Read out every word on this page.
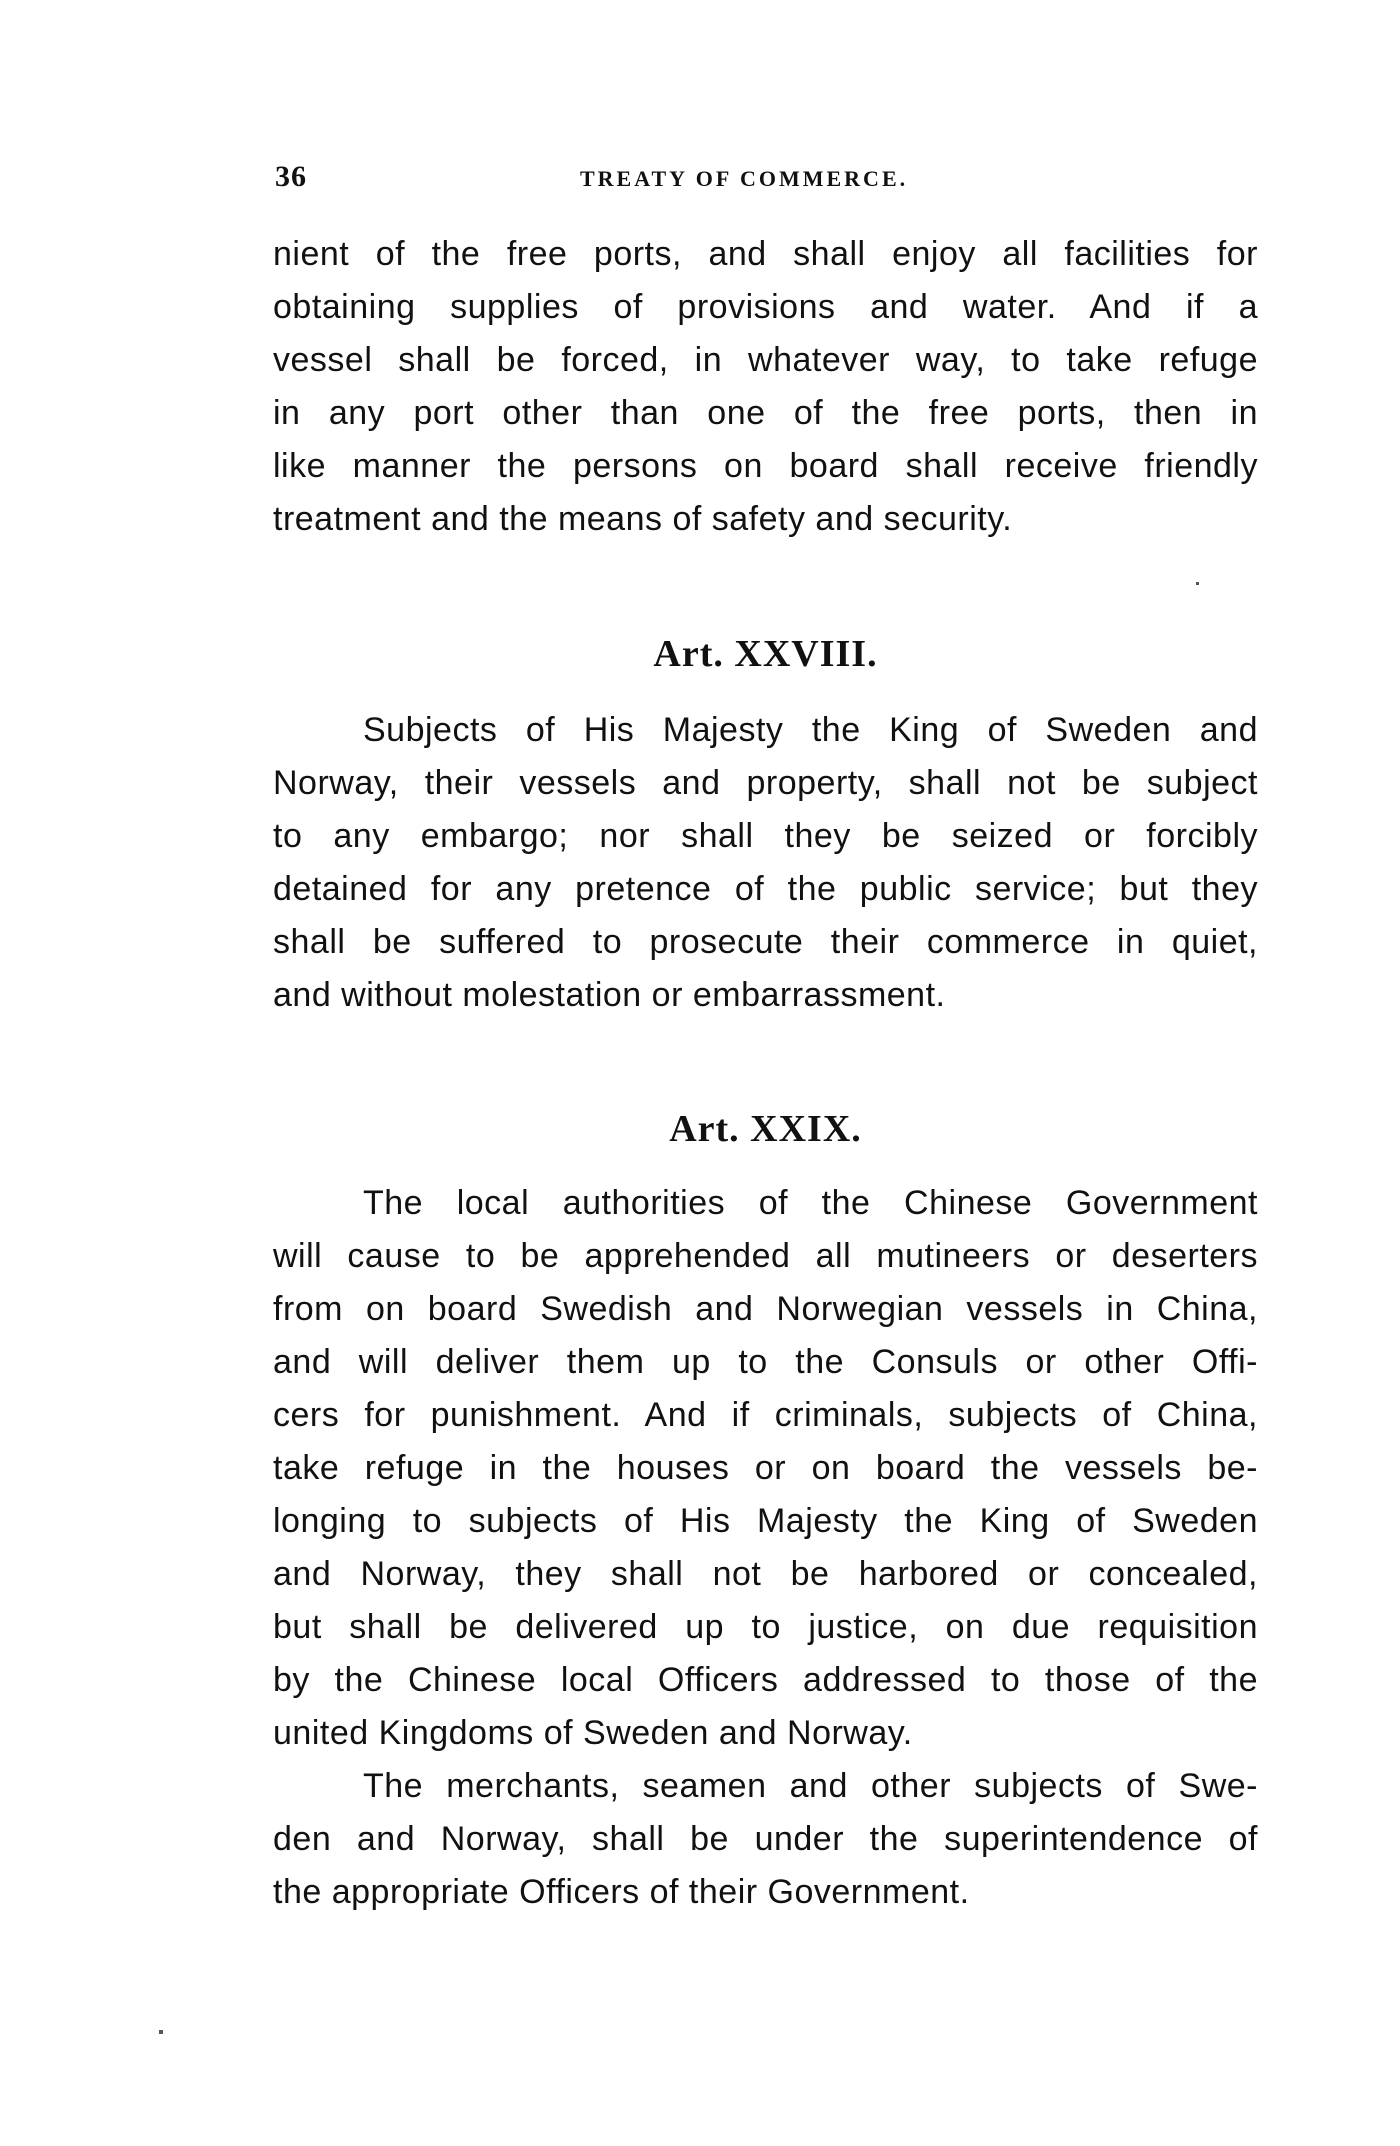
36	TREATY OF COMMERCE.
nient of the free ports, and shall enjoy all facilities for
obtaining supplies of provisions and water. And if a
vessel shall be forced, in whatever way, to take refuge
in any port other than one of the free ports, then in
like manner the persons on board shall receive friendly
treatment and the means of safety and security.
Art. XXVIII.
Subjects of His Majesty the King of Sweden and
Norway, their vessels and property, shall not be subject
to any embargo; nor shall they be seized or forcibly
detained for any pretence of the public service; but they
shall be suffered to prosecute their commerce in quiet,
and without molestation or embarrassment.
Art. XXIX.
The local authorities of the Chinese Government
will cause to be apprehended all mutineers or deserters
from on board Swedish and Norwegian vessels in China,
and will deliver them up to the Consuls or other Offi-
cers for punishment. And if criminals, subjects of China,
take refuge in the houses or on board the vessels be-
longing to subjects of His Majesty the King of Sweden
and Norway, they shall not be harbored or concealed,
but shall be delivered up to justice, on due requisition
by the Chinese local Officers addressed to those of the
united Kingdoms of Sweden and Norway.
The merchants, seamen and other subjects of Swe-
den and Norway, shall be under the superintendence of
the appropriate Officers of their Government.
